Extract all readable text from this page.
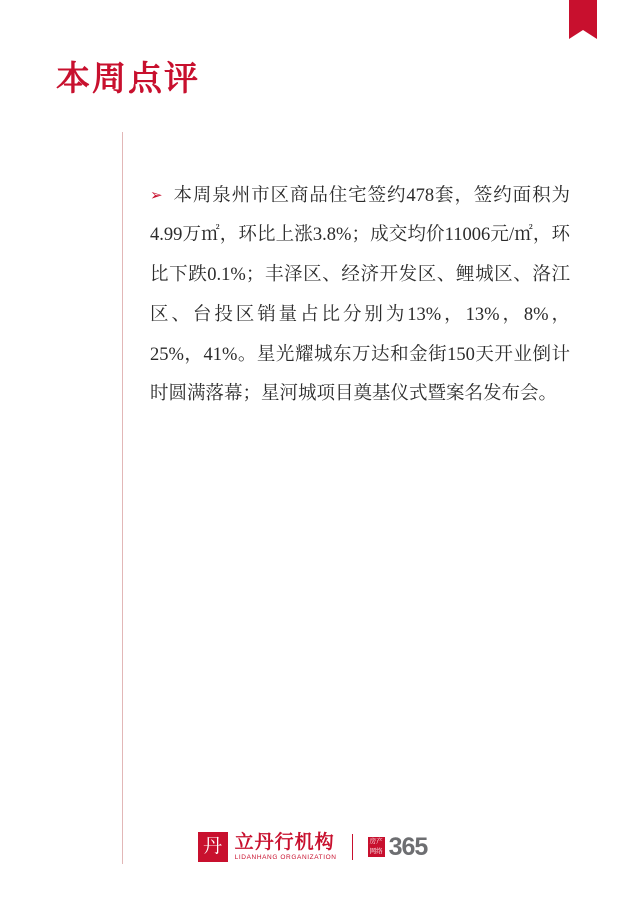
本周点评

➢ 本周泉州市区商品住宅签约478套，签约面积为4.99万㎡，环比上涨3.8%；成交均价11006元/㎡，环比下跌0.1%；丰泽区、经济开发区、鲤城区、洛江区、台投区销量占比分别为13%，13%，8%，25%，41%。星光耀城东万达和金街150天开业倒计时圆满落幕；星河城项目奠基仪式暨案名发布会。

丹 立丹行机构
LIDANHANG ORGANIZATION
房产
网络 365
